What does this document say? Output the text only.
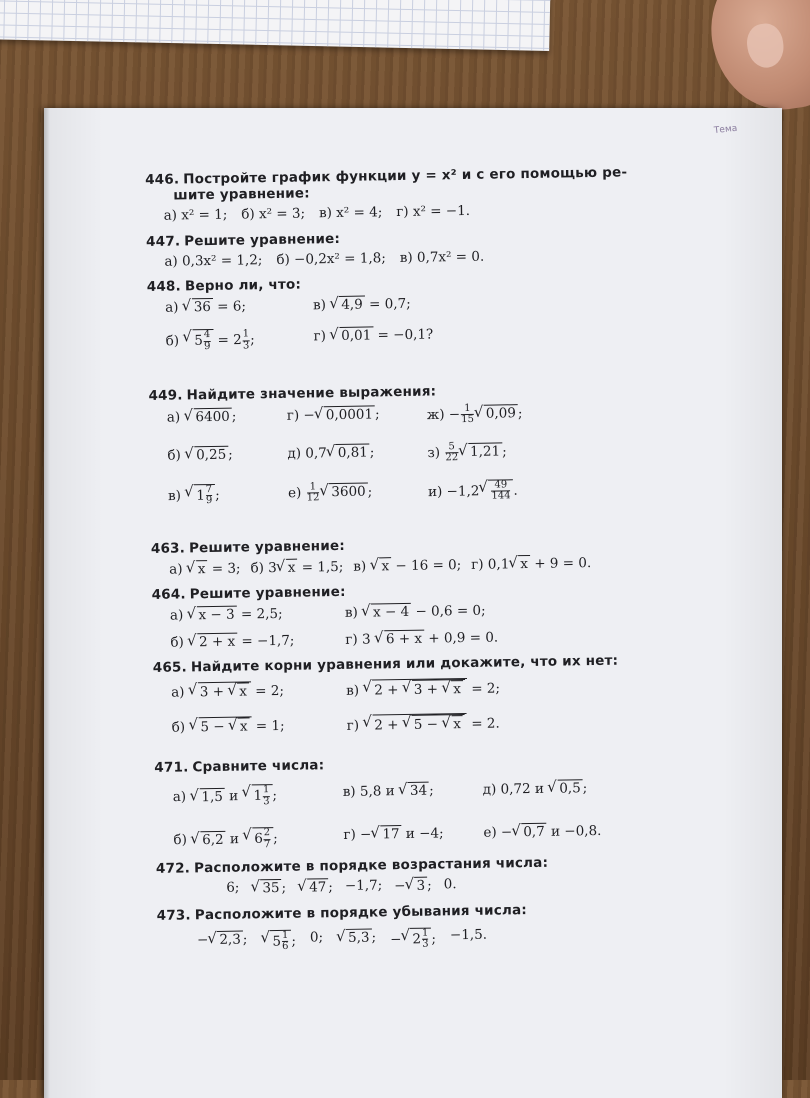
Тема
446. Постройте график функции y = x² и с его помощью ре-
шите уравнение:
а) x² = 1; б) x² = 3; в) x² = 4; г) x² = −1.
447. Решите уравнение:
а) 0,3x² = 1,2; б) −0,2x² = 1,8; в) 0,7x² = 0.
448. Верно ли, что:
а) √ 36 = 6;	в) √ 4,9 = 0,7;
б) √ $5 \frac{4}{9} = 2 \frac{1}{3}$ ;	г) √ 0,01 = −0,1?
449. Найдите значение выражения:
а) √ 6400 ;	г) − √ 0,0001 ;	$ж) - \frac{1}{15}$ √ 0,09 ;
б) √ 0,25 ;	д) 0,7 √ 0,81 ;	$з) \frac{5}{22}$ √ 1,21 ;
в) √ $1 \frac{7}{9}$ ;	$е) \frac{1}{12}$ √ 3600 ;	и) −1,2 √ $\frac{49}{144}$ .
463. Решите уравнение:
а) √ x = 3; б) 3 √ x = 1,5; в) √ x − 16 = 0; г) 0,1 √ x + 9 = 0.
464. Решите уравнение:
а) √ x − 3 = 2,5;	в) √ x − 4 − 0,6 = 0;
б) √ 2 + x = −1,7;	г) 3 √ 6 + x + 0,9 = 0.
465. Найдите корни уравнения или докажите, что их нет:
а) √ 3 + √ x = 2;	в) √ 2 + √ 3 + √ x = 2;
б) √ 5 − √ x = 1;	г) √ 2 + √ 5 − √ x = 2.
471. Сравните числа:
а) √ 1,5 и √ $1 \frac{1}{3}$ ;	в) 5,8 и √ 34 ;	д) 0,72 и √ 0,5 ;
б) √ 6,2 и √ $6 \frac{2}{7}$ ;	г) − √ 17 и −4;	е) − √ 0,7 и −0,8.
472. Расположите в порядке возрастания числа:
6;	√ 35 ;	√ 47 ; −1,7; − √ 3 ; 0.
473. Расположите в порядке убывания числа:
− √ 2,3 ;	√ $5 \frac{1}{6}$ ; 0;	√ 5,3 ; − √ $2 \frac{1}{3}$ ; −1,5.
